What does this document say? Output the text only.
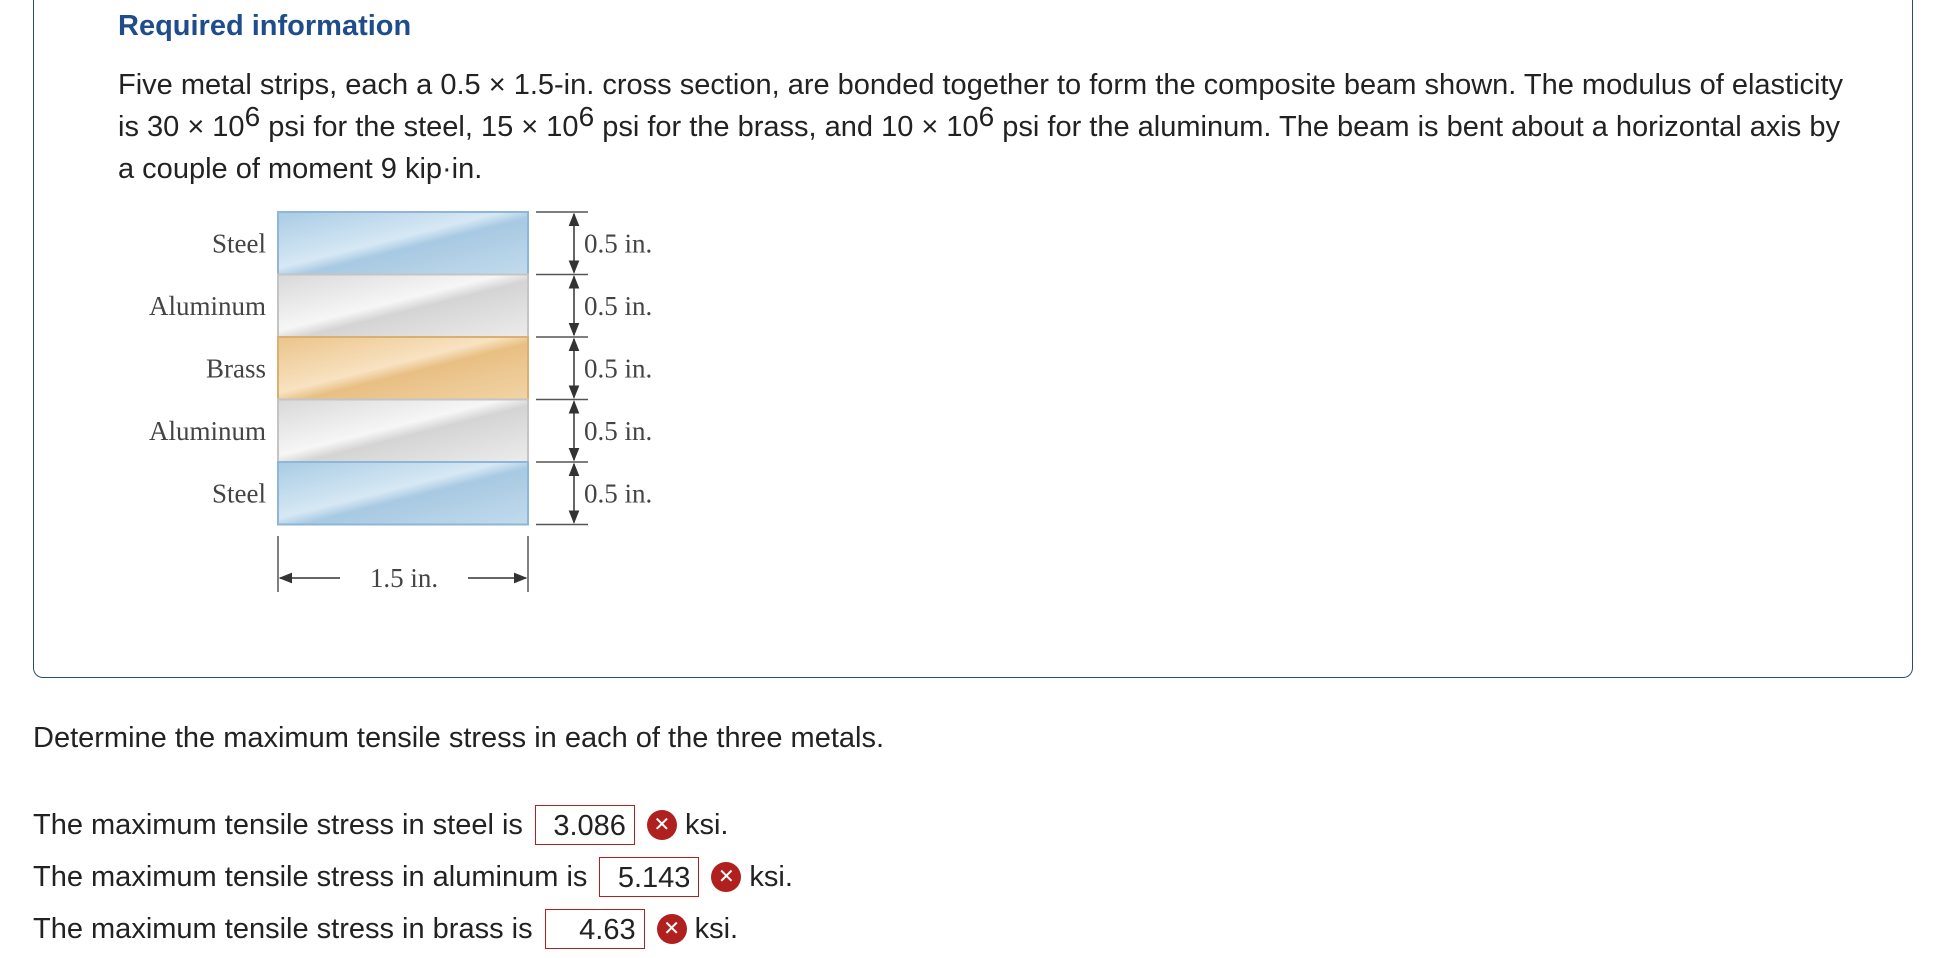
Required information

Five metal strips, each a 0.5 × 1.5-in. cross section, are bonded together to form the composite beam shown. The modulus of elasticity is $30 \times 10^6$ psi for the steel, $15 \times 10^6$ psi for the brass, and $10 \times 10^6$ psi for the aluminum. The beam is bent about a horizontal axis by a couple of moment 9 kip·in.

Steel
Aluminum
Brass
Aluminum
Steel
0.5 in.
0.5 in.
0.5 in.
0.5 in.
0.5 in.
1.5 in.

Determine the maximum tensile stress in each of the three metals.

The maximum tensile stress in steel is	3.086	✕ ksi.
The maximum tensile stress in aluminum is	5.143	✕ ksi.
The maximum tensile stress in brass is	4.63	✕ ksi.
